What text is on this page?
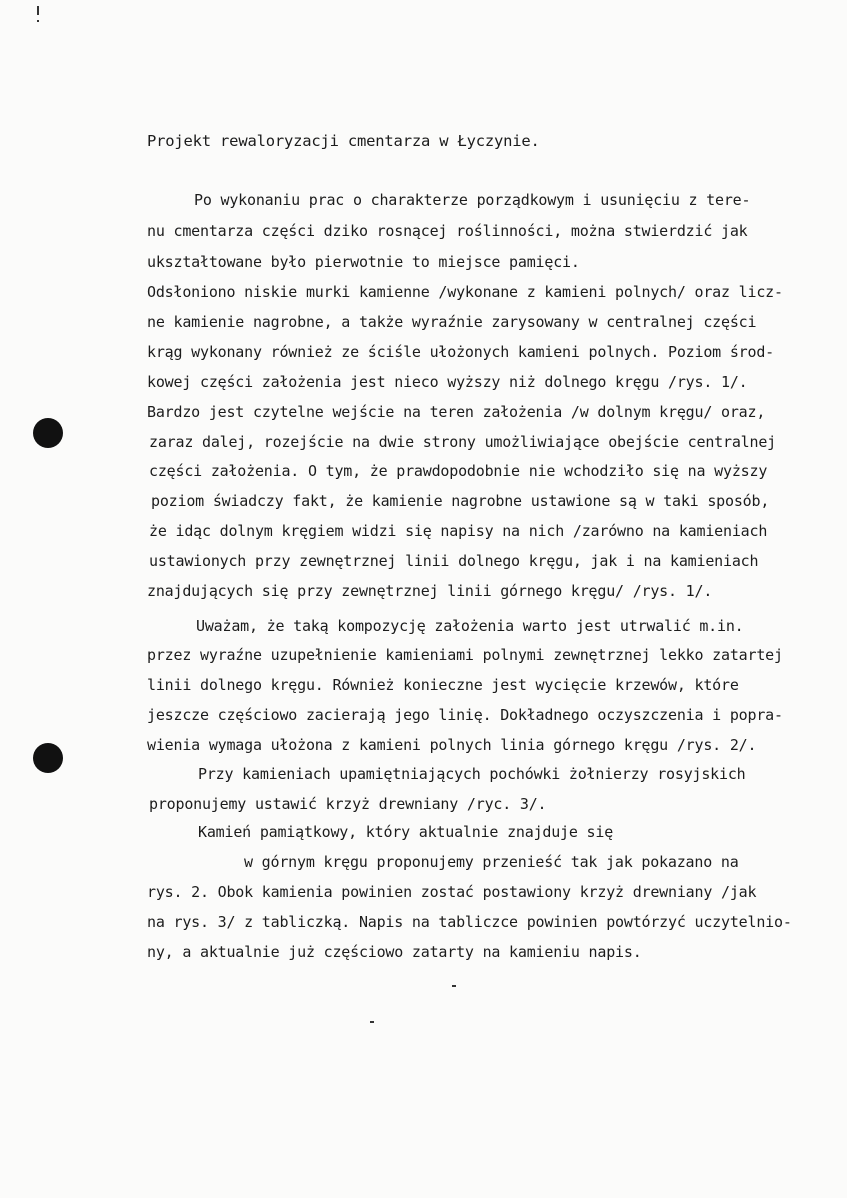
Projekt rewaloryzacji cmentarza w Łyczynie.
Po wykonaniu prac o charakterze porządkowym i usunięciu z tere-
nu cmentarza części dziko rosnącej roślinności, można stwierdzić jak
ukształtowane było pierwotnie to miejsce pamięci.
Odsłoniono niskie murki kamienne /wykonane z kamieni polnych/ oraz licz-
ne kamienie nagrobne, a także wyraźnie zarysowany w centralnej części
krąg wykonany również ze ściśle ułożonych kamieni polnych. Poziom środ-
kowej części założenia jest nieco wyższy niż dolnego kręgu /rys. 1/.
Bardzo jest czytelne wejście na teren założenia /w dolnym kręgu/ oraz,
zaraz dalej, rozejście na dwie strony umożliwiające obejście centralnej
części założenia. O tym, że prawdopodobnie nie wchodziło się na wyższy
poziom świadczy fakt, że kamienie nagrobne ustawione są w taki sposób,
że idąc dolnym kręgiem widzi się napisy na nich /zarówno na kamieniach
ustawionych przy zewnętrznej linii dolnego kręgu, jak i na kamieniach
znajdujących się przy zewnętrznej linii górnego kręgu/ /rys. 1/.
Uważam, że taką kompozycję założenia warto jest utrwalić m.in.
przez wyraźne uzupełnienie kamieniami polnymi zewnętrznej lekko zatartej
linii dolnego kręgu. Również konieczne jest wycięcie krzewów, które
jeszcze częściowo zacierają jego linię. Dokładnego oczyszczenia i popra-
wienia wymaga ułożona z kamieni polnych linia górnego kręgu /rys. 2/.
Przy kamieniach upamiętniających pochówki żołnierzy rosyjskich
proponujemy ustawić krzyż drewniany /ryc. 3/.
Kamień pamiątkowy, który aktualnie znajduje się
w górnym kręgu proponujemy przenieść tak jak pokazano na
rys. 2. Obok kamienia powinien zostać postawiony krzyż drewniany /jak
na rys. 3/ z tabliczką. Napis na tabliczce powinien powtórzyć uczytelnio-
ny, a aktualnie już częściowo zatarty na kamieniu napis.
